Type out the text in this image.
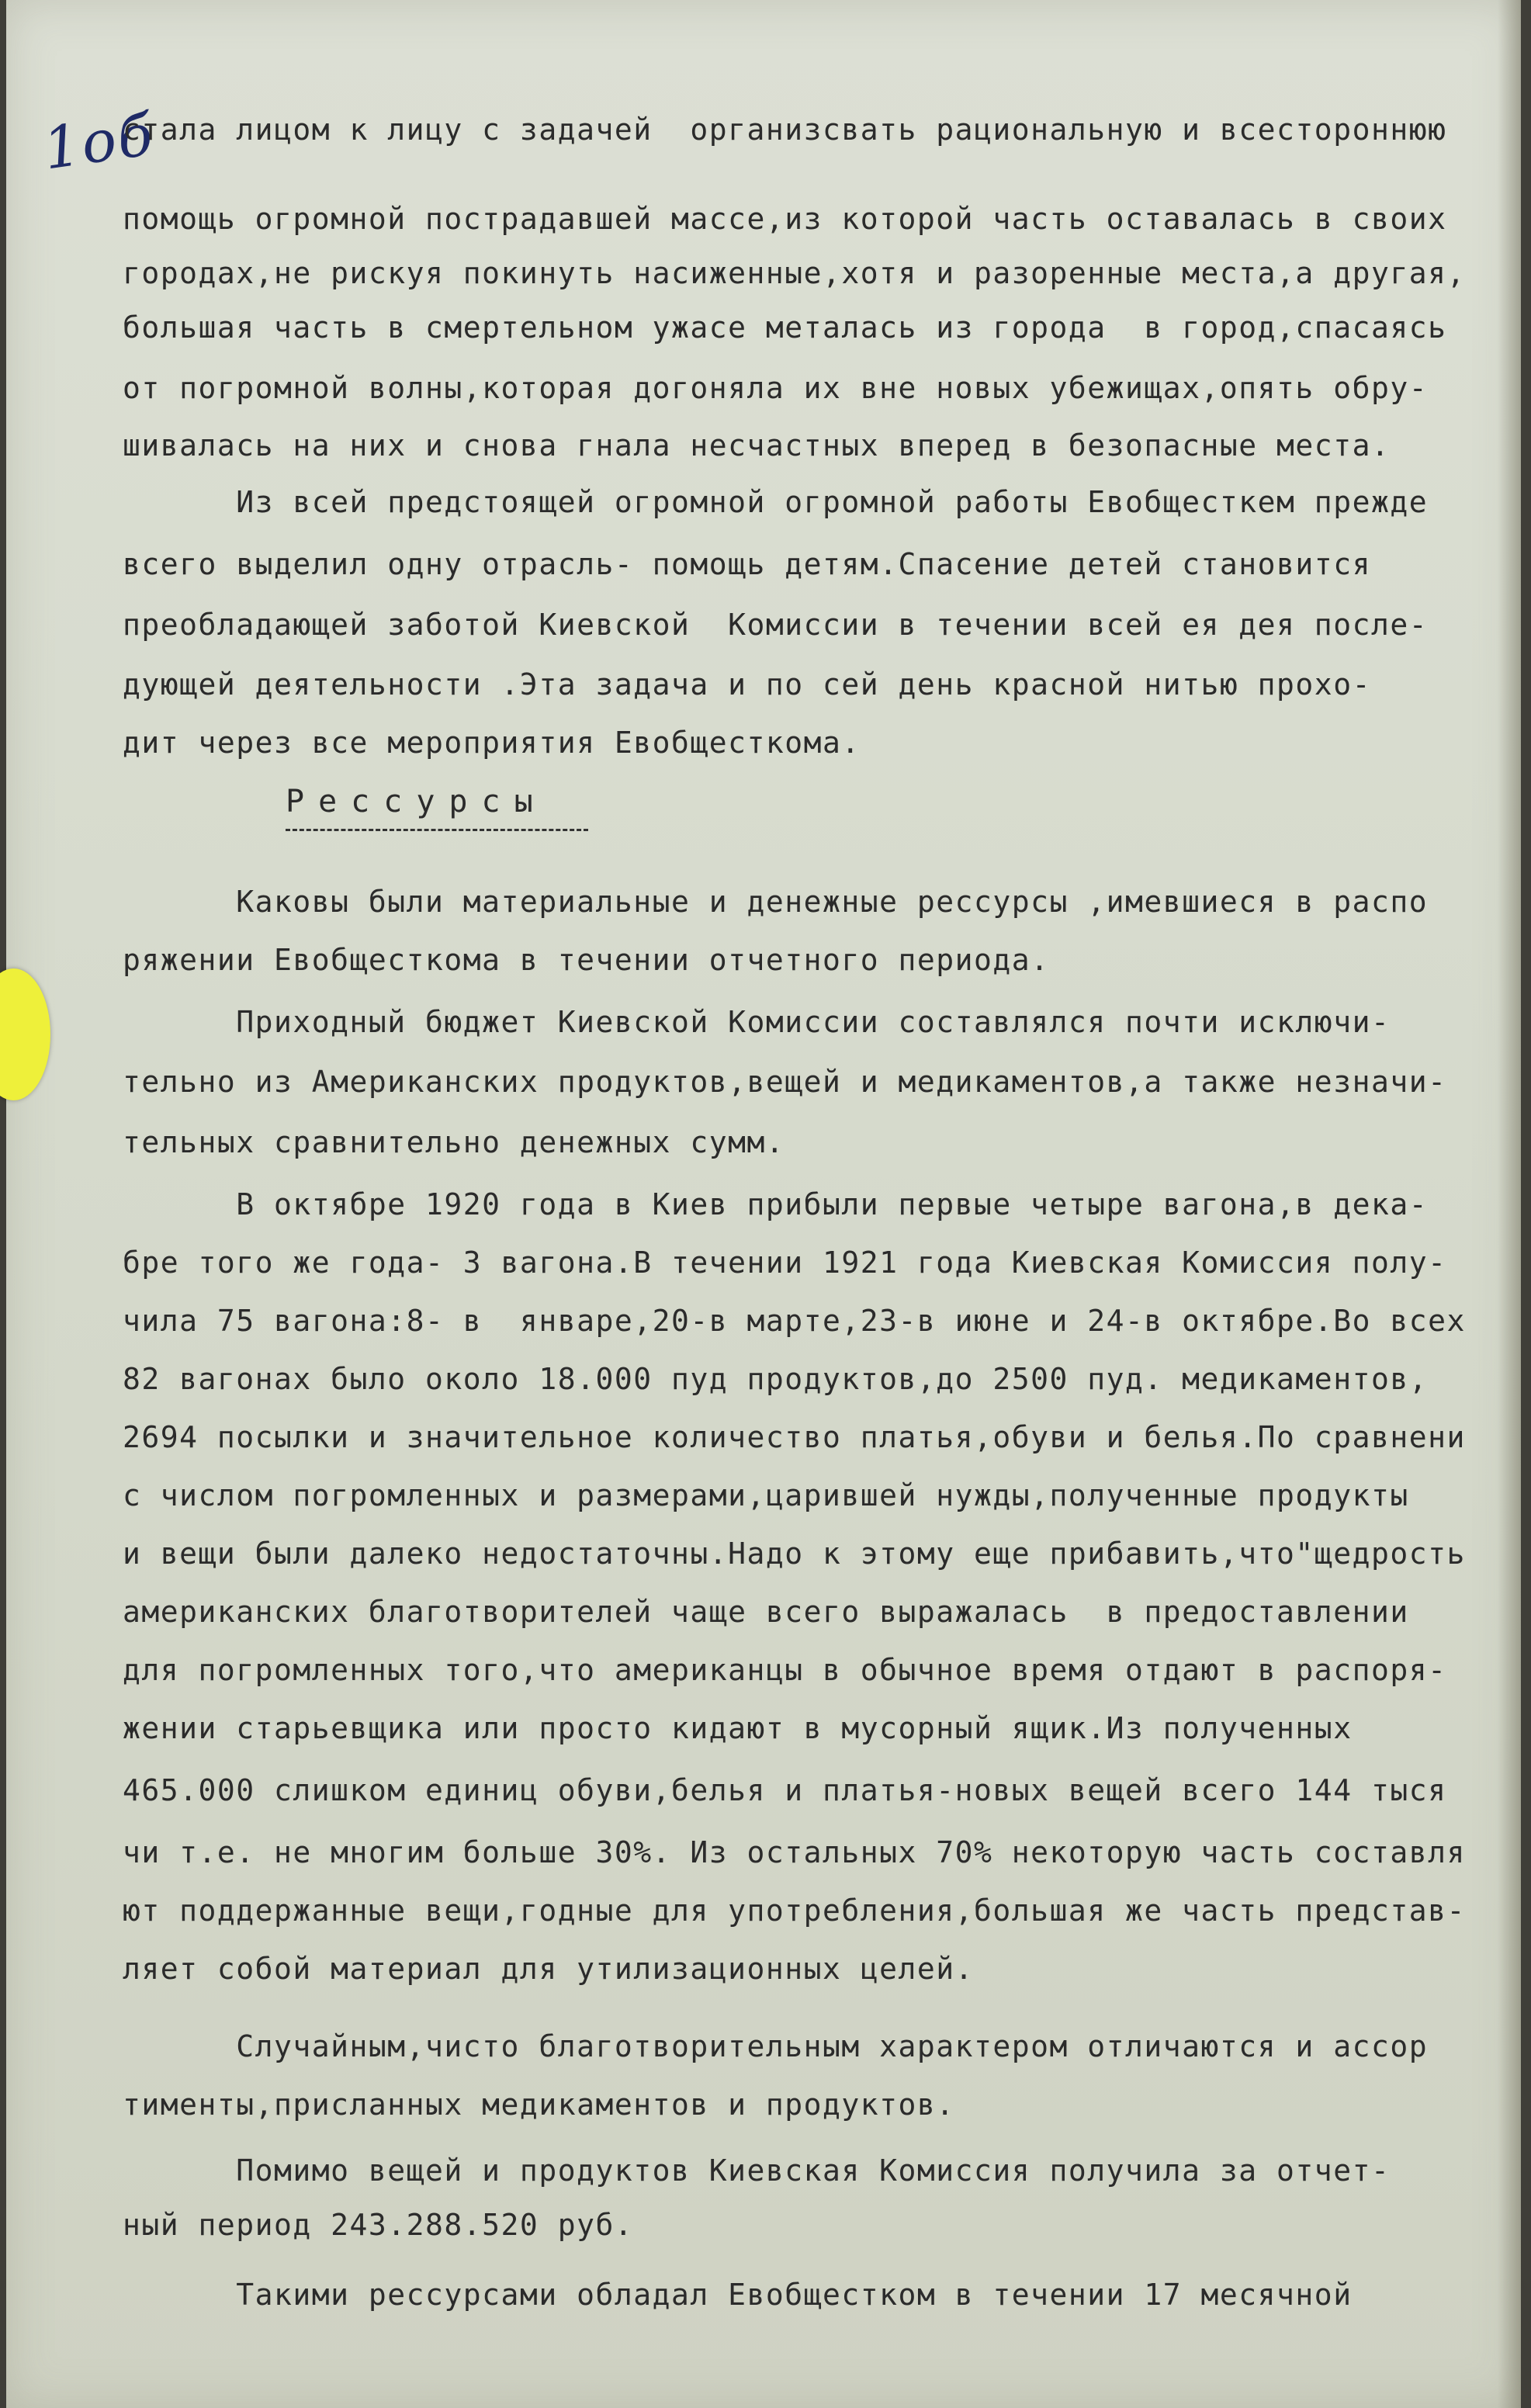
1об
стала лицом к лицу с задачей  организсвать рациональную и всестороннюю
помощь огромной пострадавшей массе,из которой часть оставалась в своих
городах,не рискуя покинуть насиженные,хотя и разоренные места,а другая,
большая часть в смертельном ужасе металась из города  в город,спасаясь
от погромной волны,которая догоняла их вне новых убежищах,опять обру-
шивалась на них и снова гнала несчастных вперед в безопасные места.
Из всей предстоящей огромной огромной работы Евобщесткем прежде
всего выделил одну отрасль- помощь детям.Спасение детей становится
преобладающей заботой Киевской  Комиссии в течении всей ея дея после-
дующей деятельности .Эта задача и по сей день красной нитью прохо-
дит через все мероприятия Евобщесткома.
Каковы были материальные и денежные рессурсы ,имевшиеся в распо
ряжении Евобщесткома в течении отчетного периода.
Приходный бюджет Киевской Комиссии составлялся почти исключи-
тельно из Американских продуктов,вещей и медикаментов,а также незначи-
тельных сравнительно денежных сумм.
В октябре 1920 года в Киев прибыли первые четыре вагона,в дека-
бре того же года- 3 вагона.В течении 1921 года Киевская Комиссия полу-
чила 75 вагона:8- в  январе,20-в марте,23-в июне и 24-в октябре.Во всех
82 вагонах было около 18.000 пуд продуктов,до 2500 пуд. медикаментов,
2694 посылки и значительное количество платья,обуви и белья.По сравнени
с числом погромленных и размерами,царившей нужды,полученные продукты
и вещи были далеко недостаточны.Надо к этому еще прибавить,что"щедрость
американских благотворителей чаще всего выражалась  в предоставлении
для погромленных того,что американцы в обычное время отдают в распоря-
жении старьевщика или просто кидают в мусорный ящик.Из полученных
465.000 слишком единиц обуви,белья и платья-новых вещей всего 144 тыся
чи т.е. не многим больше 30%. Из остальных 70% некоторую часть составля
ют поддержанные вещи,годные для употребления,большая же часть представ-
ляет собой материал для утилизационных целей.
Случайным,чисто благотворительным характером отличаются и ассор
тименты,присланных медикаментов и продуктов.
Помимо вещей и продуктов Киевская Комиссия получила за отчет-
ный период 243.288.520 руб.
Такими рессурсами обладал Евобщестком в течении 17 месячной
Рессурсы
